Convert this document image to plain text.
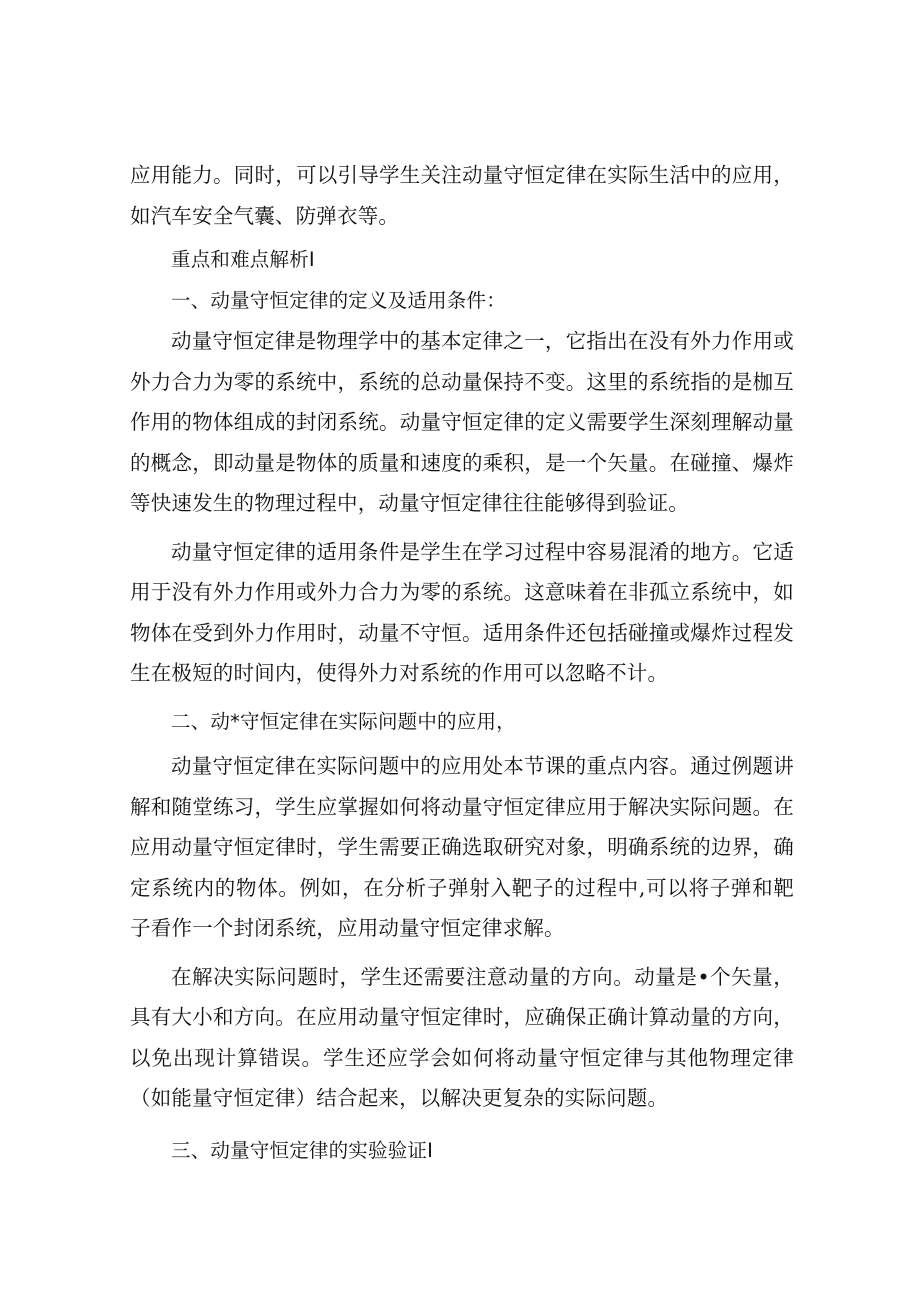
应用能力。同时，可以引导学生关注动量守恒定律在实际生活中的应用，如汽车安全气囊、防弹衣等。

重点和难点解析I

一、动量守恒定律的定义及适用条件：

动量守恒定律是物理学中的基本定律之一，它指出在没有外力作用或外力合力为零的系统中，系统的总动量保持不变。这里的系统指的是枷互作用的物体组成的封闭系统。动量守恒定律的定义需要学生深刻理解动量的概念，即动量是物体的质量和速度的乘积，是一个矢量。在碰撞、爆炸等快速发生的物理过程中，动量守恒定律往往能够得到验证。

动量守恒定律的适用条件是学生在学习过程中容易混淆的地方。它适用于没有外力作用或外力合力为零的系统。这意味着在非孤立系统中，如物体在受到外力作用时，动量不守恒。适用条件还包括碰撞或爆炸过程发生在极短的时间内，使得外力对系统的作用可以忽略不计。

二、动*守恒定律在实际问题中的应用，

动量守恒定律在实际问题中的应用处本节课的重点内容。通过例题讲解和随堂练习，学生应掌握如何将动量守恒定律应用于解决实际问题。在应用动量守恒定律时，学生需要正确选取研究对象，明确系统的边界，确定系统内的物体。例如，在分析子弹射入靶子的过程中,可以将子弹和靶子看作一个封闭系统，应用动量守恒定律求解。

在解决实际问题时，学生还需要注意动量的方向。动量是•个矢量，具有大小和方向。在应用动量守恒定律时，应确保正确计算动量的方向，以免出现计算错误。学生还应学会如何将动量守恒定律与其他物理定律（如能量守恒定律）结合起来，以解决更复杂的实际问题。

三、动量守恒定律的实验验证I
